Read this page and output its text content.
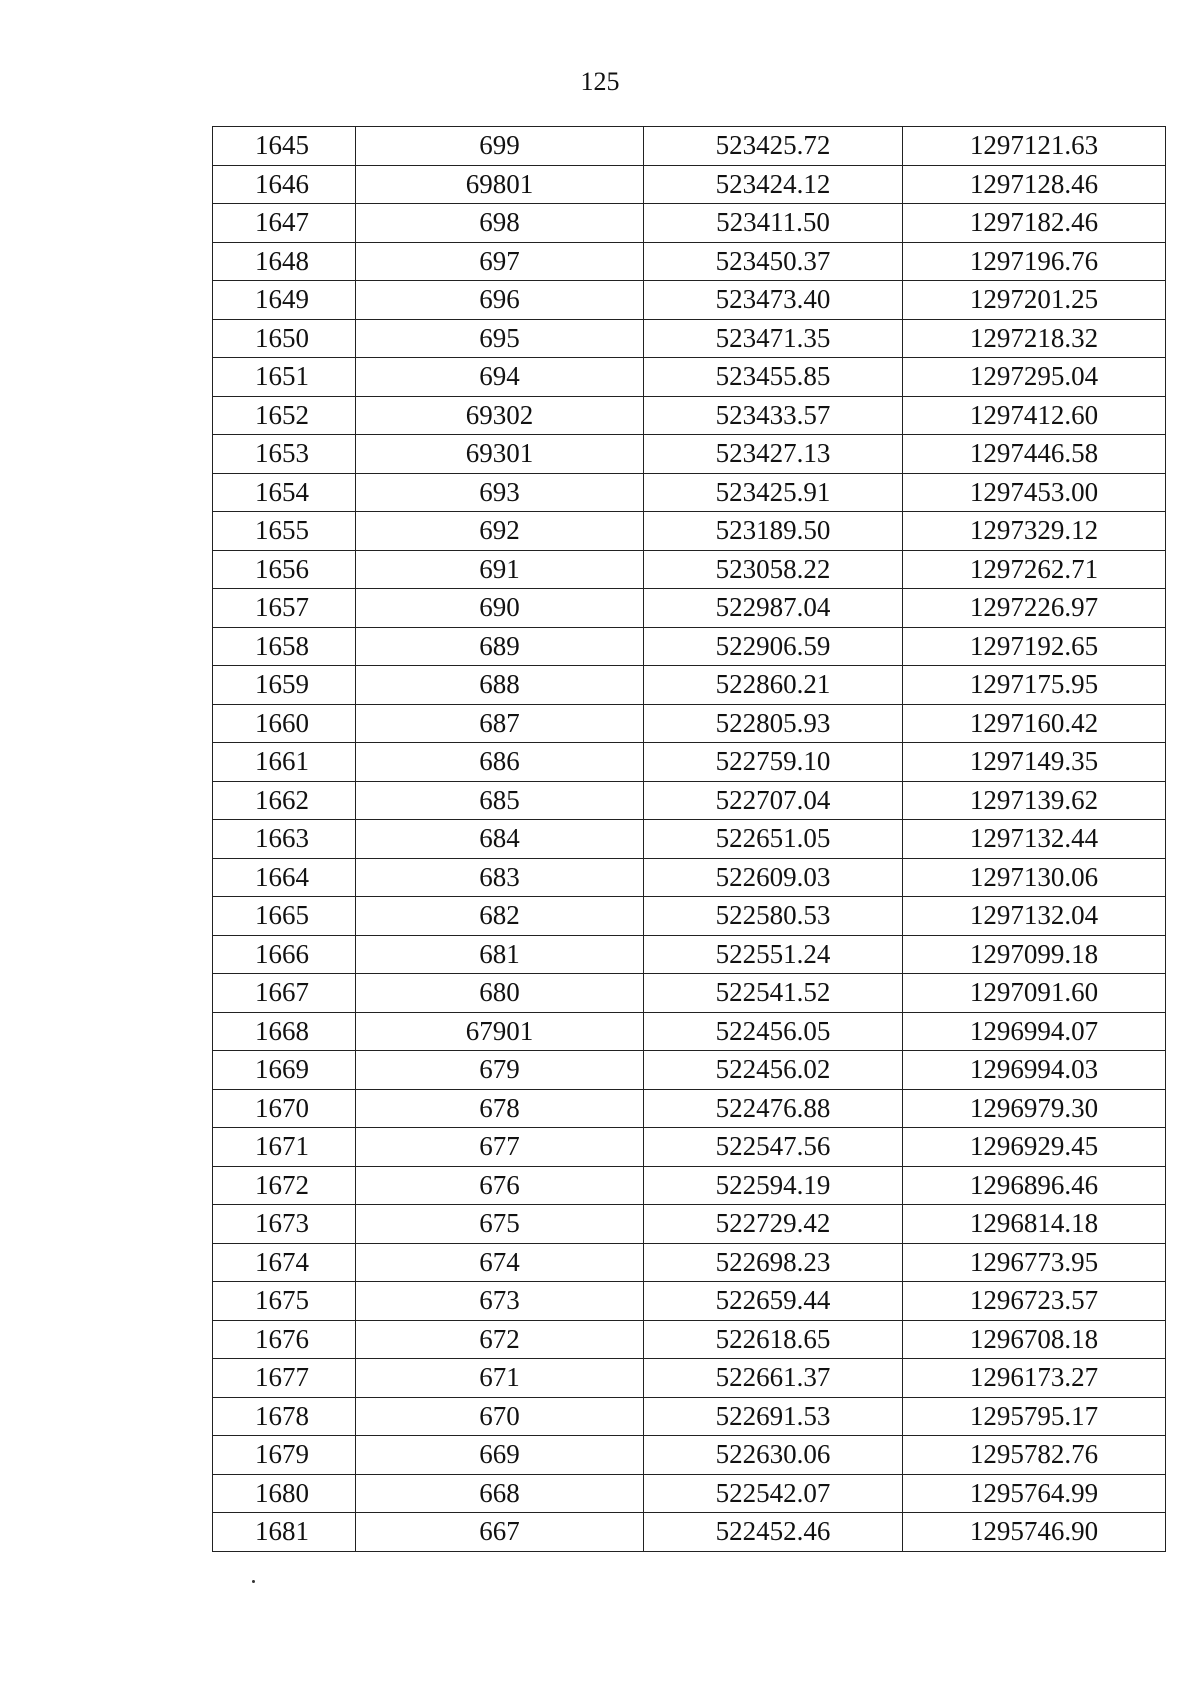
125
1645	699	523425.72	1297121.63
1646	69801	523424.12	1297128.46
1647	698	523411.50	1297182.46
1648	697	523450.37	1297196.76
1649	696	523473.40	1297201.25
1650	695	523471.35	1297218.32
1651	694	523455.85	1297295.04
1652	69302	523433.57	1297412.60
1653	69301	523427.13	1297446.58
1654	693	523425.91	1297453.00
1655	692	523189.50	1297329.12
1656	691	523058.22	1297262.71
1657	690	522987.04	1297226.97
1658	689	522906.59	1297192.65
1659	688	522860.21	1297175.95
1660	687	522805.93	1297160.42
1661	686	522759.10	1297149.35
1662	685	522707.04	1297139.62
1663	684	522651.05	1297132.44
1664	683	522609.03	1297130.06
1665	682	522580.53	1297132.04
1666	681	522551.24	1297099.18
1667	680	522541.52	1297091.60
1668	67901	522456.05	1296994.07
1669	679	522456.02	1296994.03
1670	678	522476.88	1296979.30
1671	677	522547.56	1296929.45
1672	676	522594.19	1296896.46
1673	675	522729.42	1296814.18
1674	674	522698.23	1296773.95
1675	673	522659.44	1296723.57
1676	672	522618.65	1296708.18
1677	671	522661.37	1296173.27
1678	670	522691.53	1295795.17
1679	669	522630.06	1295782.76
1680	668	522542.07	1295764.99
1681	667	522452.46	1295746.90
